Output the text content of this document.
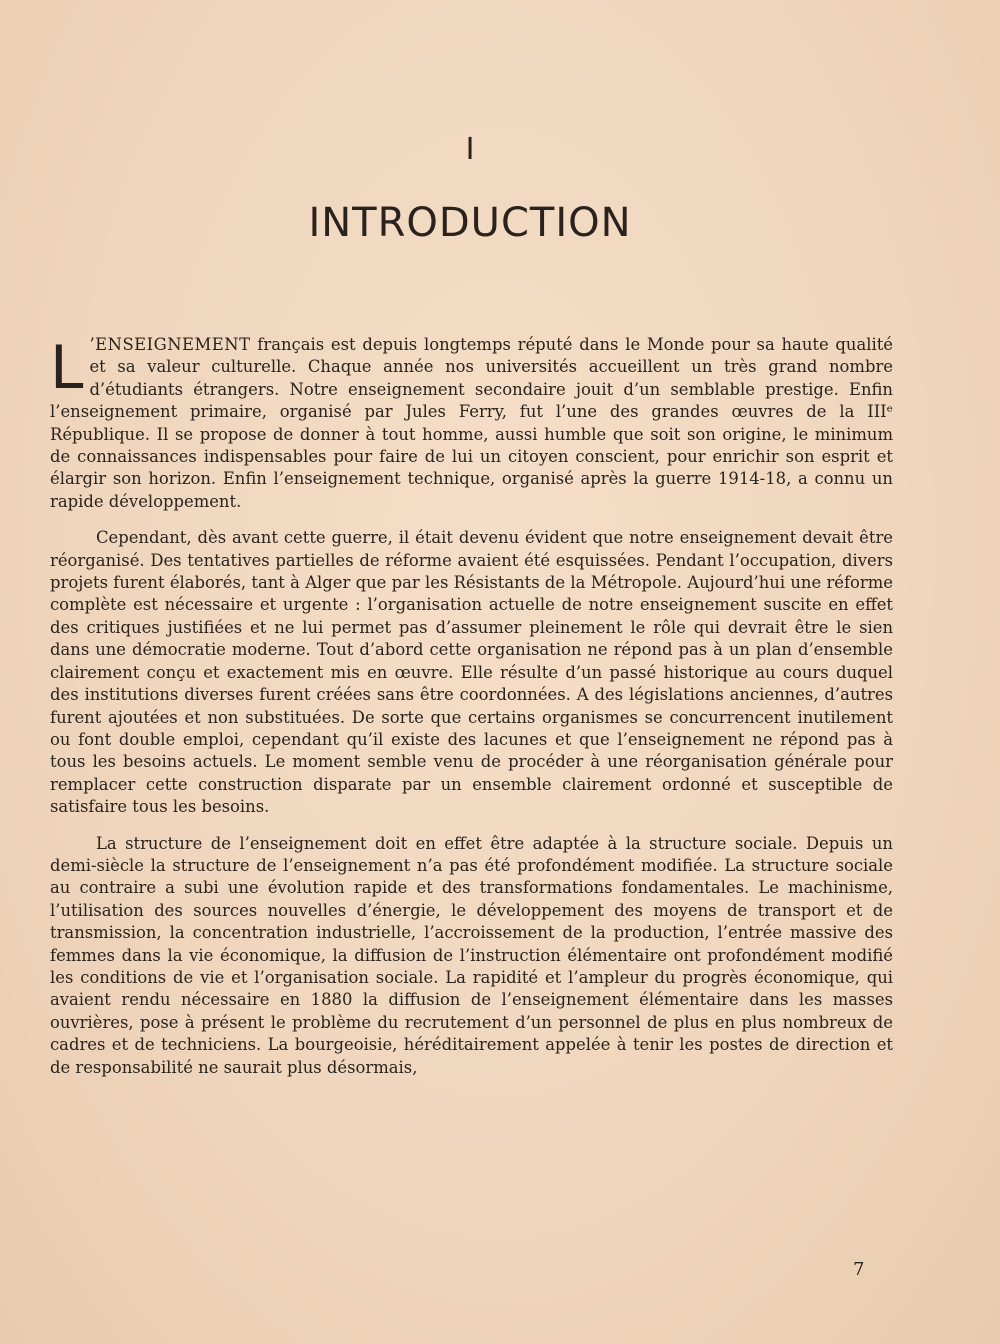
I
INTRODUCTION

L ’ENSEIGNEMENT français est depuis longtemps réputé dans le Monde pour sa haute qualité et sa valeur culturelle. Chaque année nos universités accueillent un très grand nombre d’étudiants étrangers. Notre enseignement secondaire jouit d’un semblable prestige. Enfin l’enseignement primaire, organisé par Jules Ferry, fut l’une des grandes œuvres de la IIIᵉ République. Il se propose de donner à tout homme, aussi humble que soit son origine, le minimum de connaissances indispensables pour faire de lui un citoyen conscient, pour enrichir son esprit et élargir son horizon. Enfin l’enseignement technique, organisé après la guerre 1914-18, a connu un rapide développement.

Cependant, dès avant cette guerre, il était devenu évident que notre enseignement devait être réorganisé. Des tentatives partielles de réforme avaient été esquissées. Pendant l’occupation, divers projets furent élaborés, tant à Alger que par les Résistants de la Métropole. Aujourd’hui une réforme complète est nécessaire et urgente : l’organisation actuelle de notre enseignement suscite en effet des critiques justifiées et ne lui permet pas d’assumer pleinement le rôle qui devrait être le sien dans une démocratie moderne. Tout d’abord cette organisation ne répond pas à un plan d’ensemble clairement conçu et exactement mis en œuvre. Elle résulte d’un passé historique au cours duquel des institutions diverses furent créées sans être coordonnées. A des législations anciennes, d’autres furent ajoutées et non substituées. De sorte que certains organismes se concurrencent inutilement ou font double emploi, cependant qu’il existe des lacunes et que l’enseignement ne répond pas à tous les besoins actuels. Le moment semble venu de procéder à une réorganisation générale pour remplacer cette construction disparate par un ensemble clairement ordonné et susceptible de satisfaire tous les besoins.

La structure de l’enseignement doit en effet être adaptée à la structure sociale. Depuis un demi-siècle la structure de l’enseignement n’a pas été profondément modifiée. La structure sociale au contraire a subi une évolution rapide et des transformations fondamentales. Le machinisme, l’utilisation des sources nouvelles d’énergie, le développement des moyens de transport et de transmission, la concentration industrielle, l’accroissement de la production, l’entrée massive des femmes dans la vie économique, la diffusion de l’instruction élémentaire ont profondément modifié les conditions de vie et l’organisation sociale. La rapidité et l’ampleur du progrès économique, qui avaient rendu nécessaire en 1880 la diffusion de l’enseignement élémentaire dans les masses ouvrières, pose à présent le problème du recrutement d’un personnel de plus en plus nombreux de cadres et de techniciens. La bourgeoisie, héréditairement appelée à tenir les postes de direction et de responsabilité ne saurait plus désormais,

7
